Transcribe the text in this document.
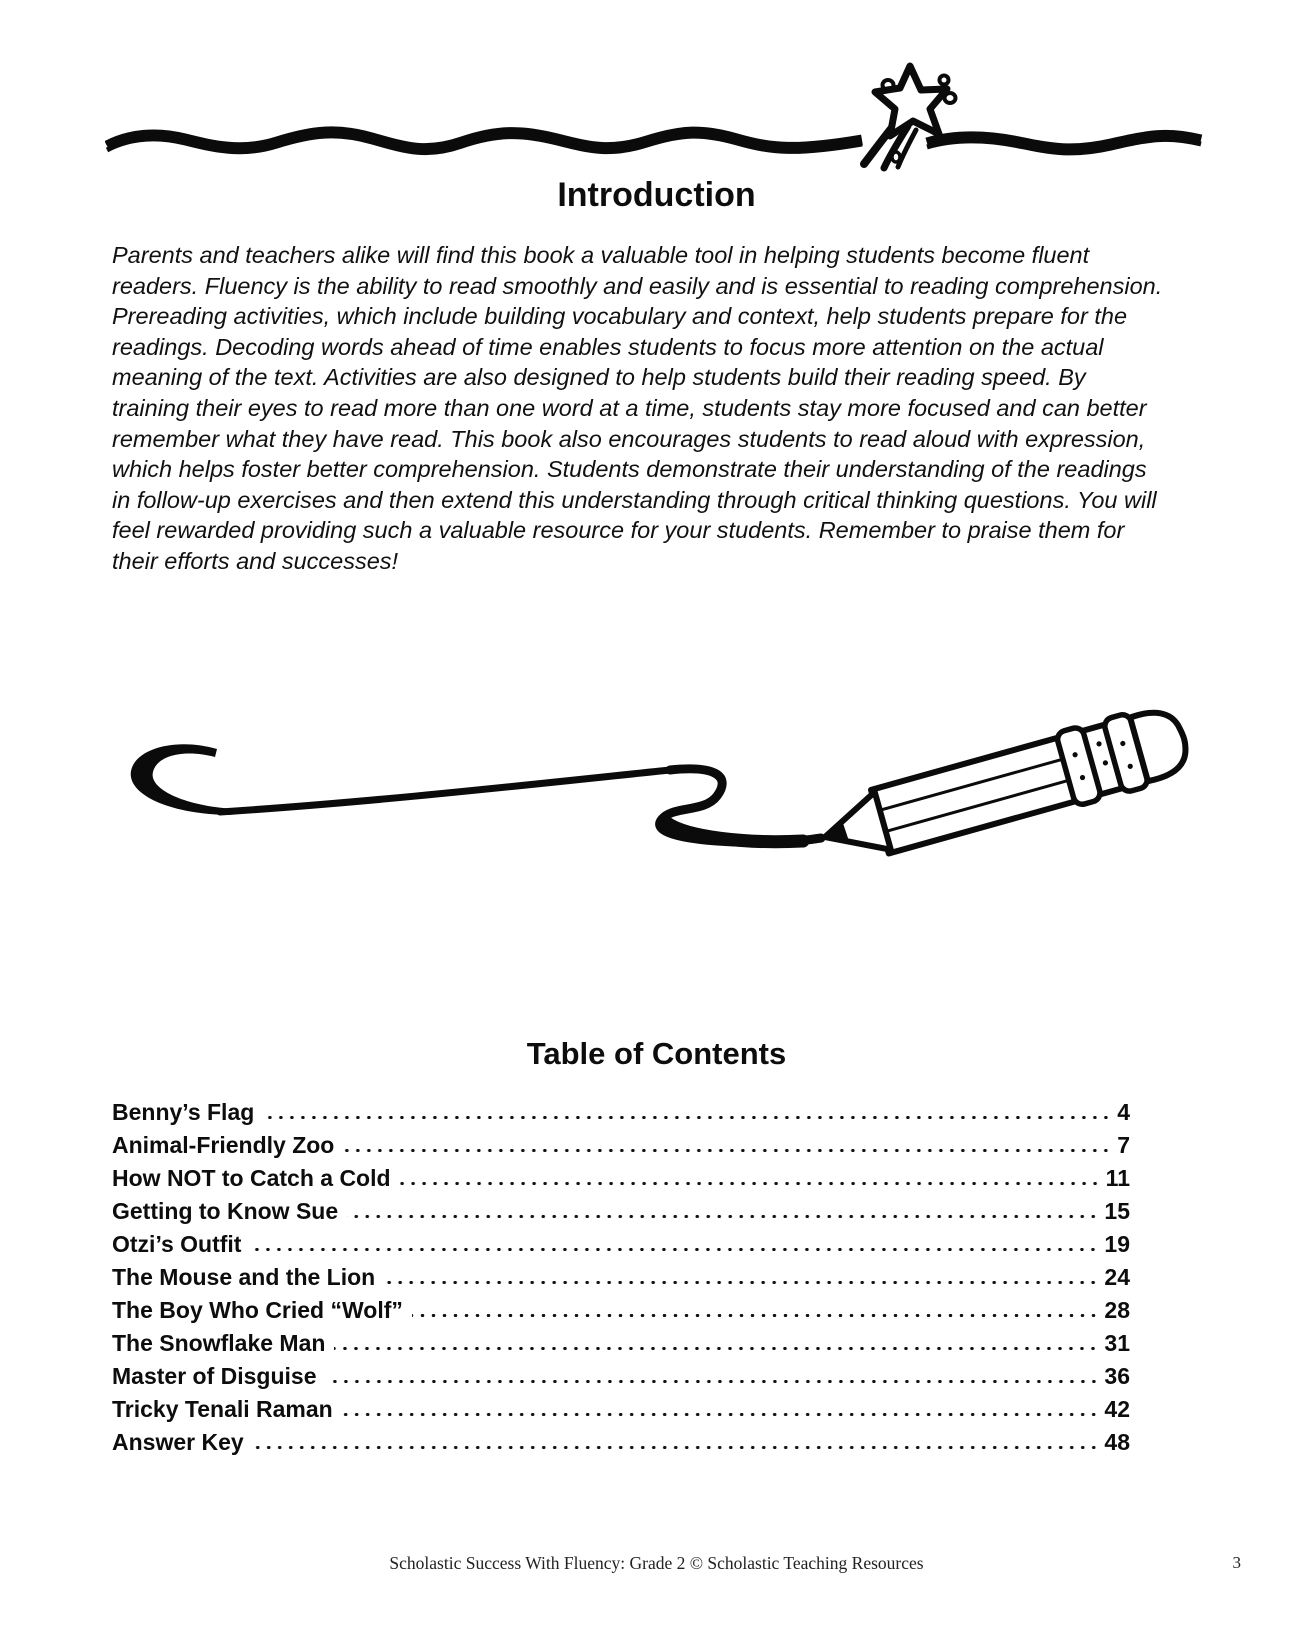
Introduction

Parents and teachers alike will find this book a valuable tool in helping students become fluent readers. Fluency is the ability to read smoothly and easily and is essential to reading comprehension. Prereading activities, which include building vocabulary and context, help students prepare for the readings. Decoding words ahead of time enables students to focus more attention on the actual meaning of the text. Activities are also designed to help students build their reading speed. By training their eyes to read more than one word at a time, students stay more focused and can better remember what they have read. This book also encourages students to read aloud with expression, which helps foster better comprehension. Students demonstrate their understanding of the readings in follow-up exercises and then extend this understanding through critical thinking questions. You will feel rewarded providing such a valuable resource for your students. Remember to praise them for their efforts and successes!

Table of Contents
Benny’s Flag	4
Animal-Friendly Zoo	7
How NOT to Catch a Cold	11
Getting to Know Sue	15
Otzi’s Outfit	19
The Mouse and the Lion	24
The Boy Who Cried “Wolf”	28
The Snowflake Man	31
Master of Disguise	36
Tricky Tenali Raman	42
Answer Key	48
Scholastic Success With Fluency: Grade 2 © Scholastic Teaching Resources	3
